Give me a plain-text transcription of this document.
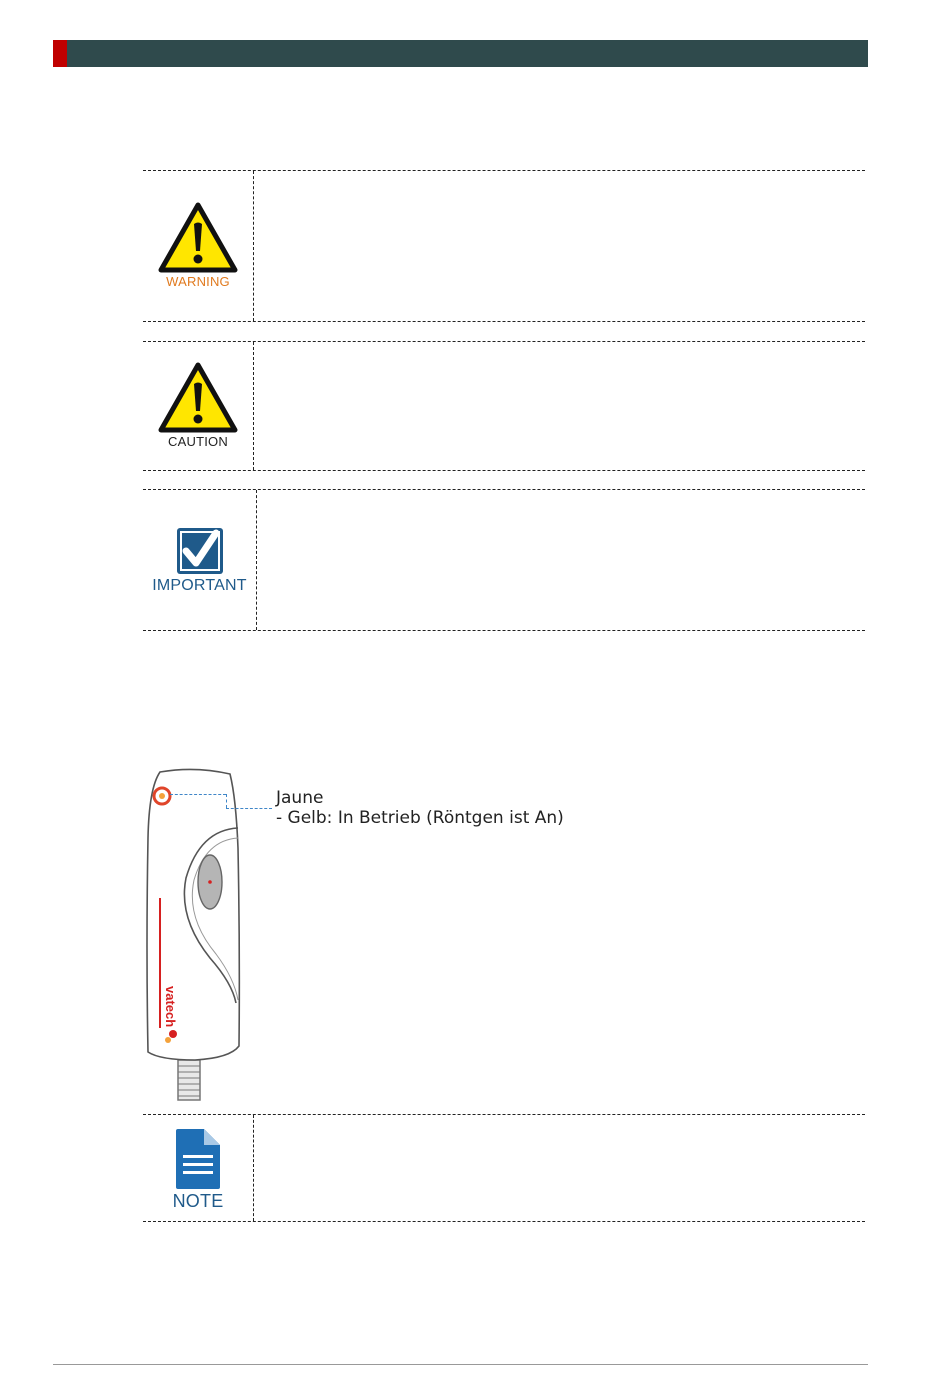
WARNING
CAUTION
IMPORTANT
vatech
Jaune
- Gelb: In Betrieb (Röntgen ist An)
NOTE
